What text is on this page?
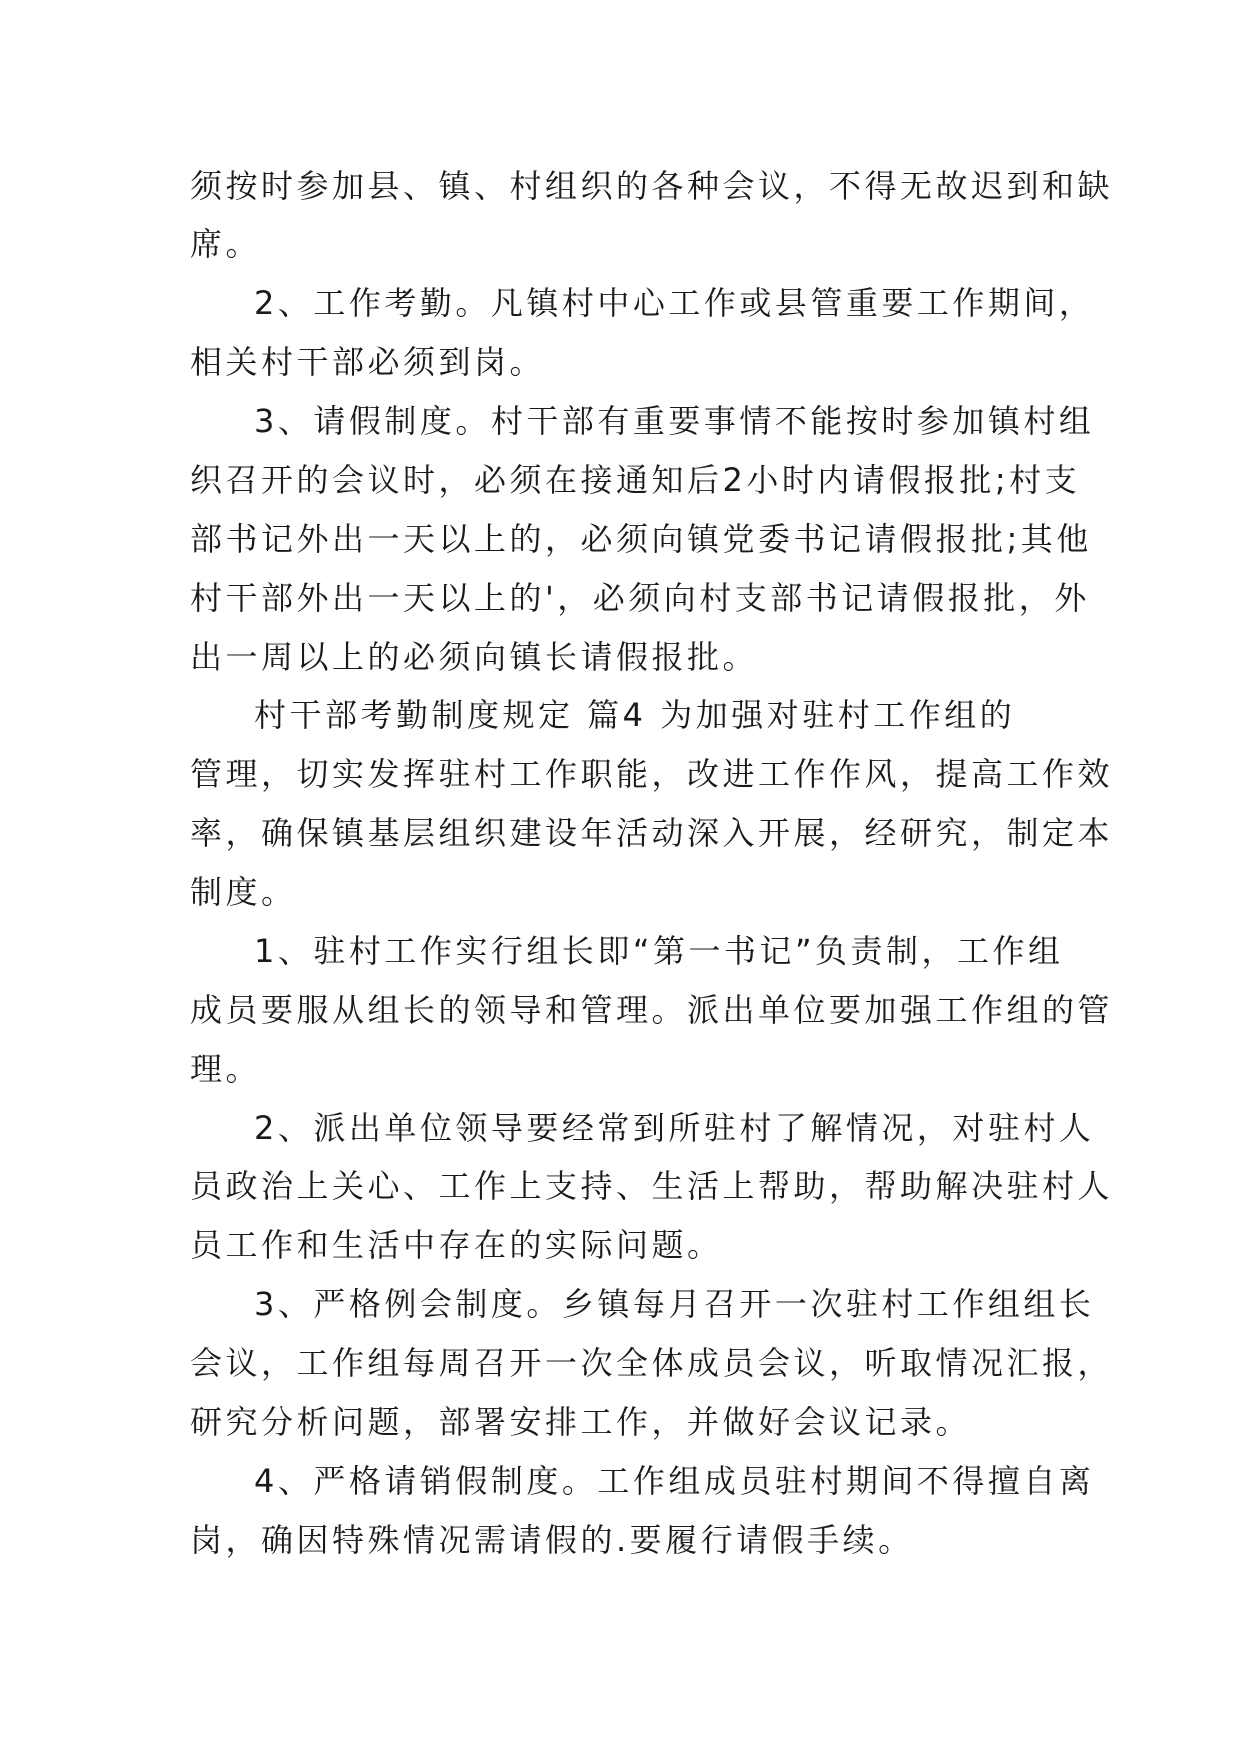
须按时参加县、镇、村组织的各种会议，不得无故迟到和缺
席。
2、工作考勤。凡镇村中心工作或县管重要工作期间，
相关村干部必须到岗。
3、请假制度。村干部有重要事情不能按时参加镇村组
织召开的会议时，必须在接通知后2小时内请假报批;村支
部书记外出一天以上的，必须向镇党委书记请假报批;其他
村干部外出一天以上的'，必须向村支部书记请假报批，外
出一周以上的必须向镇长请假报批。
村干部考勤制度规定 篇4 为加强对驻村工作组的
管理，切实发挥驻村工作职能，改进工作作风，提高工作效
率，确保镇基层组织建设年活动深入开展，经研究，制定本
制度。
1、驻村工作实行组长即“第一书记”负责制，工作组
成员要服从组长的领导和管理。派出单位要加强工作组的管
理。
2、派出单位领导要经常到所驻村了解情况，对驻村人
员政治上关心、工作上支持、生活上帮助，帮助解决驻村人
员工作和生活中存在的实际问题。
3、严格例会制度。乡镇每月召开一次驻村工作组组长
会议，工作组每周召开一次全体成员会议，听取情况汇报，
研究分析问题，部署安排工作，并做好会议记录。
4、严格请销假制度。工作组成员驻村期间不得擅自离
岗，确因特殊情况需请假的.要履行请假手续。
